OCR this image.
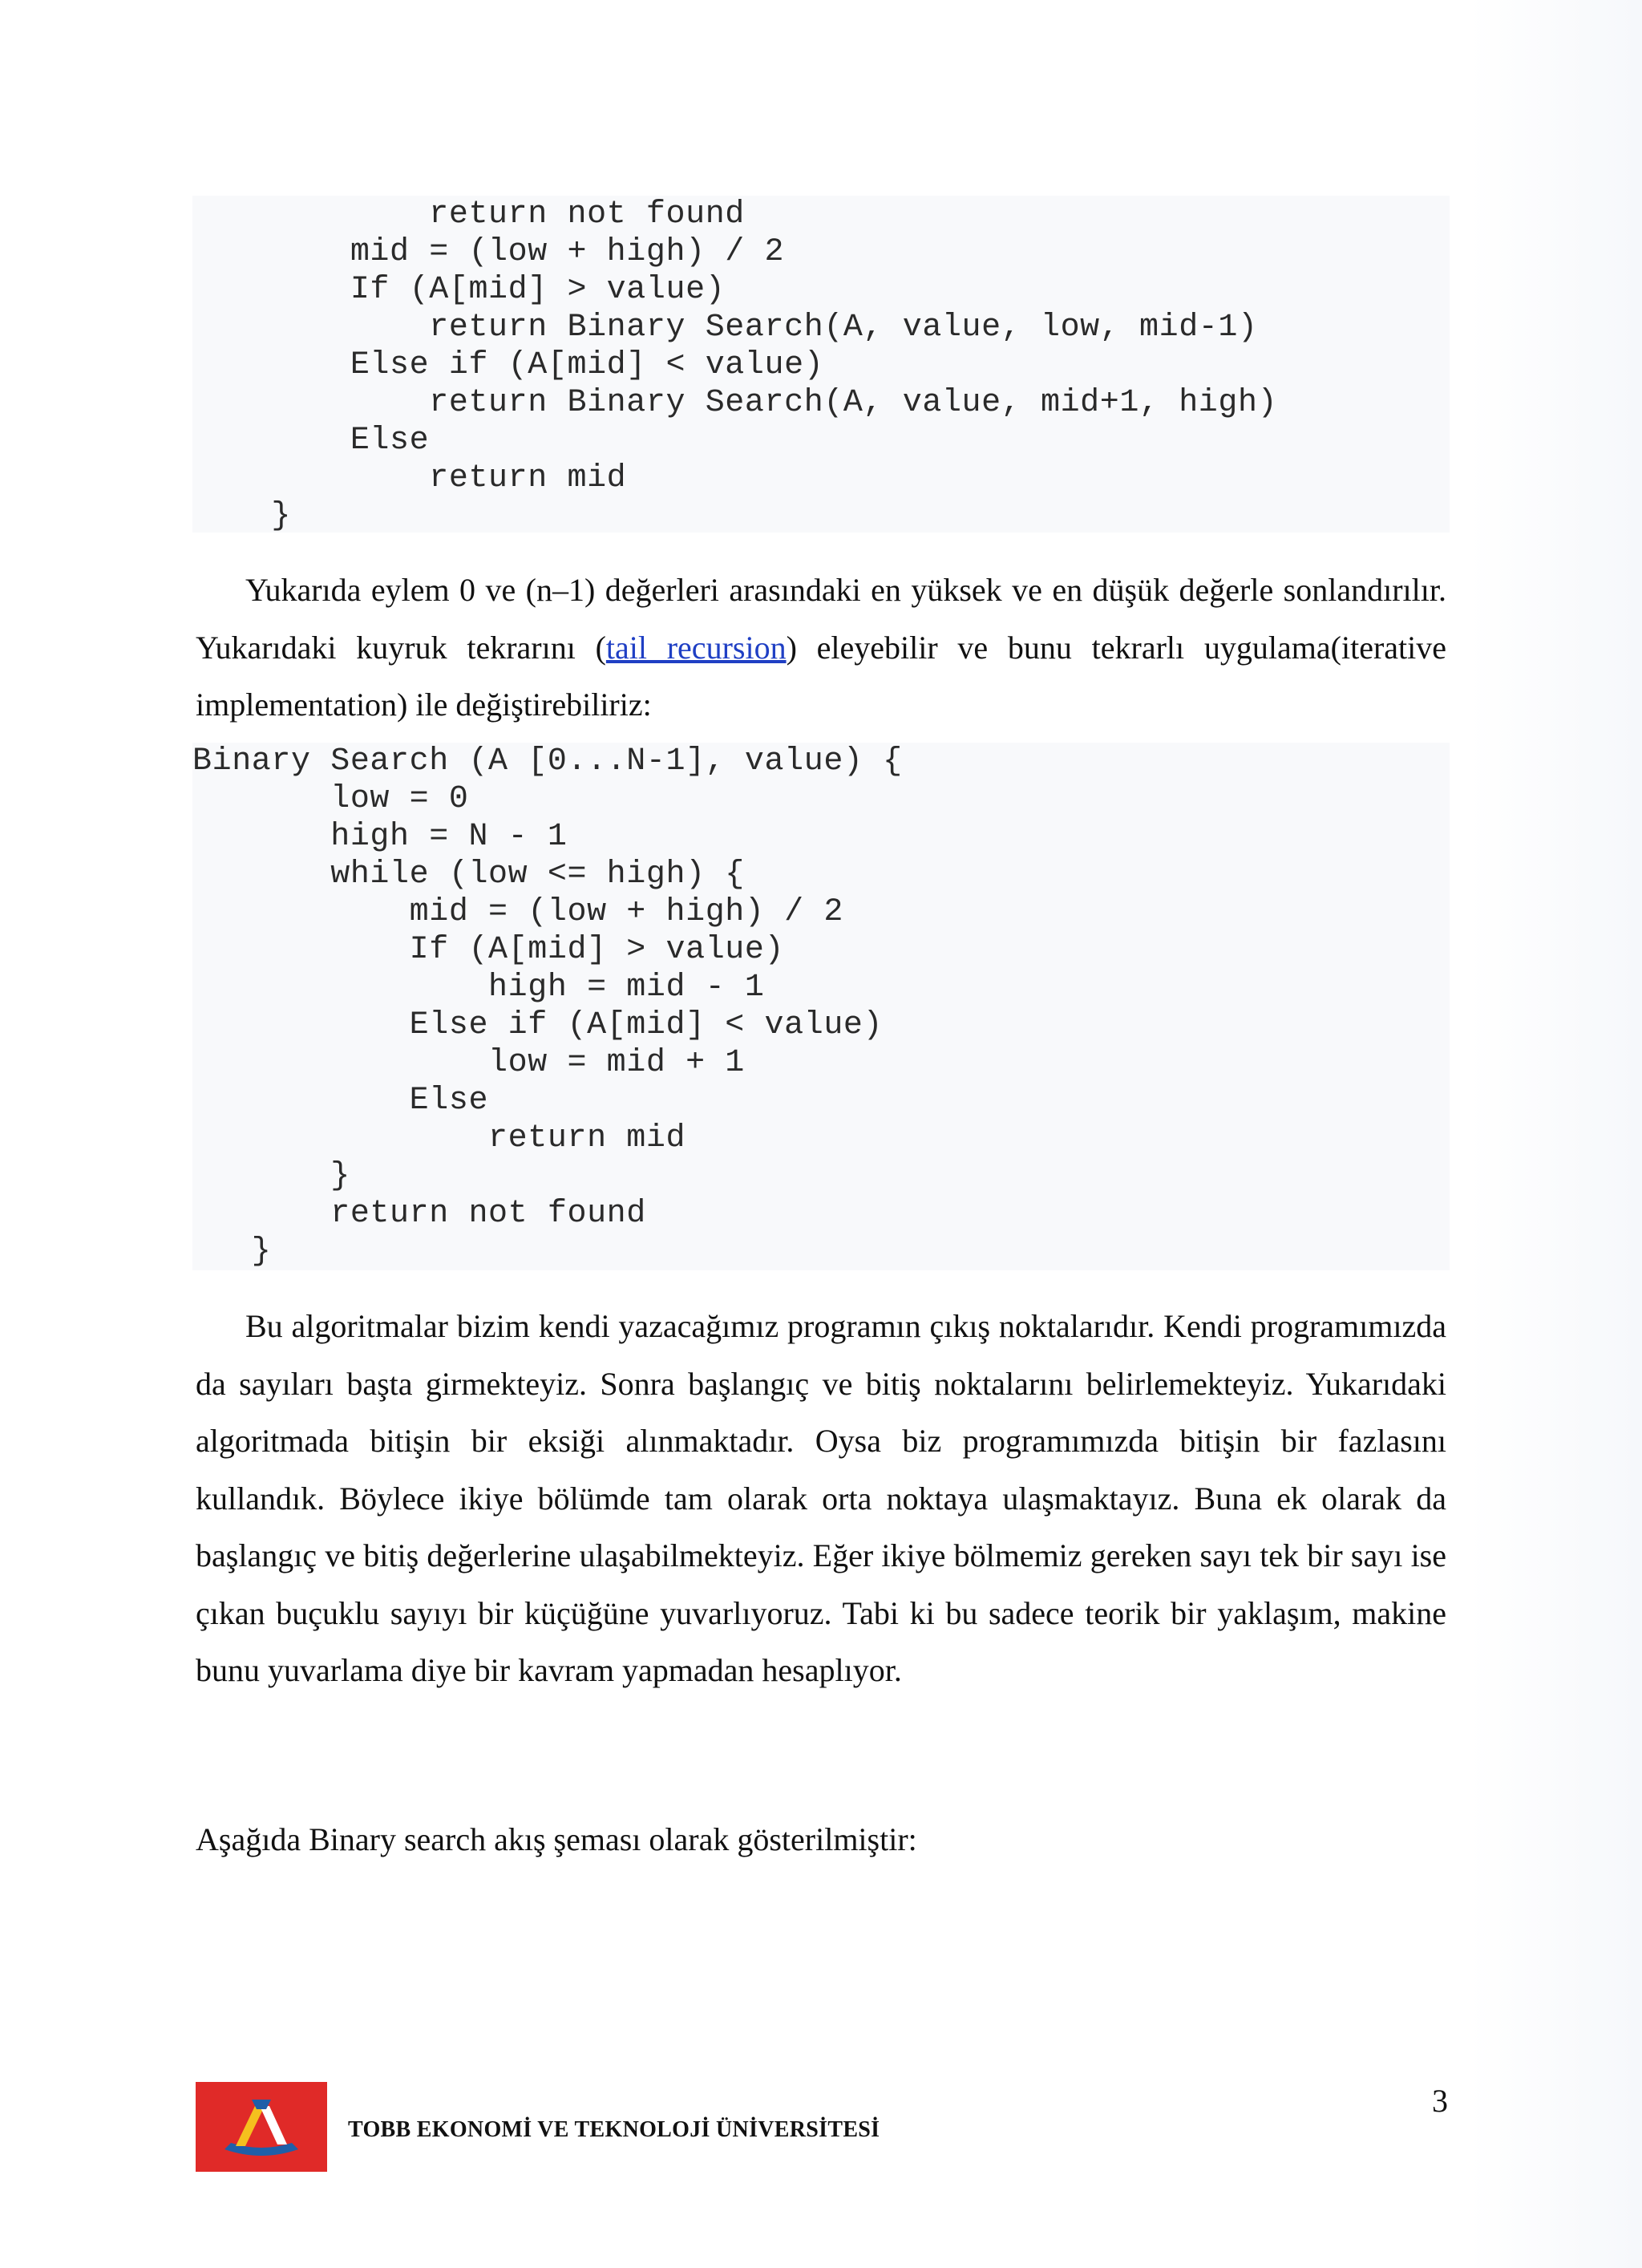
return not found
mid = (low + high) / 2
If (A[mid] > value)
return Binary Search(A, value, low, mid-1)
Else if (A[mid] < value)
return Binary Search(A, value, mid+1, high)
Else
return mid
}

Yukarıda eylem 0 ve (n–1) değerleri arasındaki en yüksek ve en düşük değerle sonlandırılır. Yukarıdaki kuyruk tekrarını (tail recursion) eleyebilir ve bunu tekrarlı uygulama(iterative implementation) ile değiştirebiliriz:

Binary Search (A [0...N-1], value) {
low = 0
high = N - 1
while (low <= high) {
mid = (low + high) / 2
If (A[mid] > value)
high = mid - 1
Else if (A[mid] < value)
low = mid + 1
Else
return mid
}
return not found
}

Bu algoritmalar bizim kendi yazacağımız programın çıkış noktalarıdır. Kendi programımızda da sayıları başta girmekteyiz. Sonra başlangıç ve bitiş noktalarını belirlemekteyiz. Yukarıdaki algoritmada bitişin bir eksiği alınmaktadır. Oysa biz programımızda bitişin bir fazlasını kullandık. Böylece ikiye bölümde tam olarak orta noktaya ulaşmaktayız. Buna ek olarak da başlangıç ve bitiş değerlerine ulaşabilmekteyiz. Eğer ikiye bölmemiz gereken sayı tek bir sayı ise çıkan buçuklu sayıyı bir küçüğüne yuvarlıyoruz. Tabi ki bu sadece teorik bir yaklaşım, makine bunu yuvarlama diye bir kavram yapmadan hesaplıyor.

Aşağıda Binary search akış şeması olarak gösterilmiştir:

TOBB EKONOMİ VE TEKNOLOJİ ÜNİVERSİTESİ
3
